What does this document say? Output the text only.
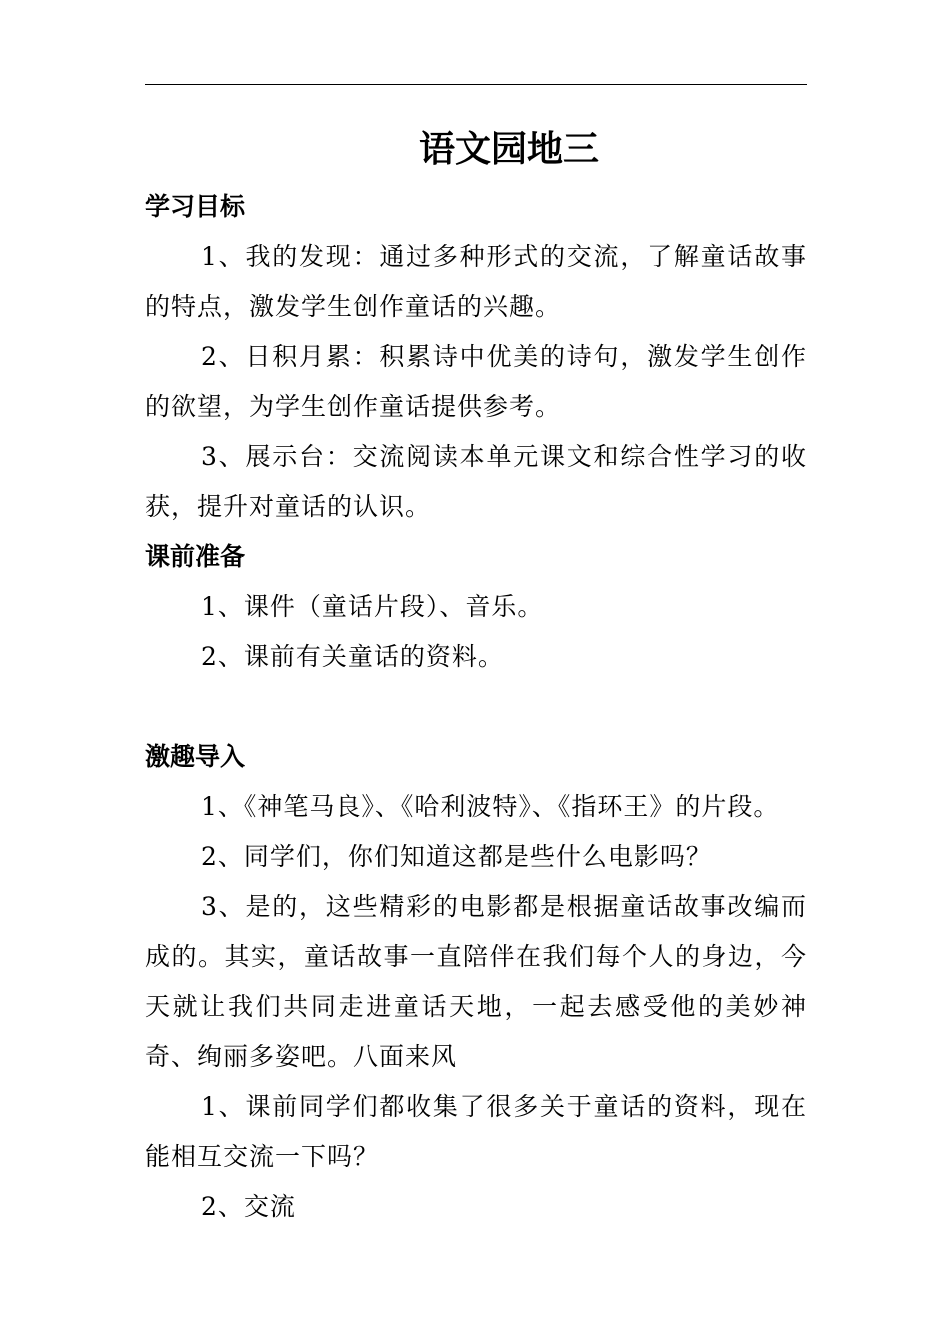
语文园地三
学习目标

1、我的发现：通过多种形式的交流，了解童话故事的特点，激发学生创作童话的兴趣。

2、日积月累：积累诗中优美的诗句，激发学生创作的欲望，为学生创作童话提供参考。

3、展示台：交流阅读本单元课文和综合性学习的收获，提升对童话的认识。

课前准备

1、课件（童话片段）、音乐。

2、课前有关童话的资料。

激趣导入

1、《神笔马良》、《哈利波特》、《指环王》的片段。

2、同学们，你们知道这都是些什么电影吗？

3、是的，这些精彩的电影都是根据童话故事改编而成的。其实，童话故事一直陪伴在我们每个人的身边，今天就让我们共同走进童话天地，一起去感受他的美妙神奇、绚丽多姿吧。八面来风

1、课前同学们都收集了很多关于童话的资料，现在能相互交流一下吗？

2、交流
